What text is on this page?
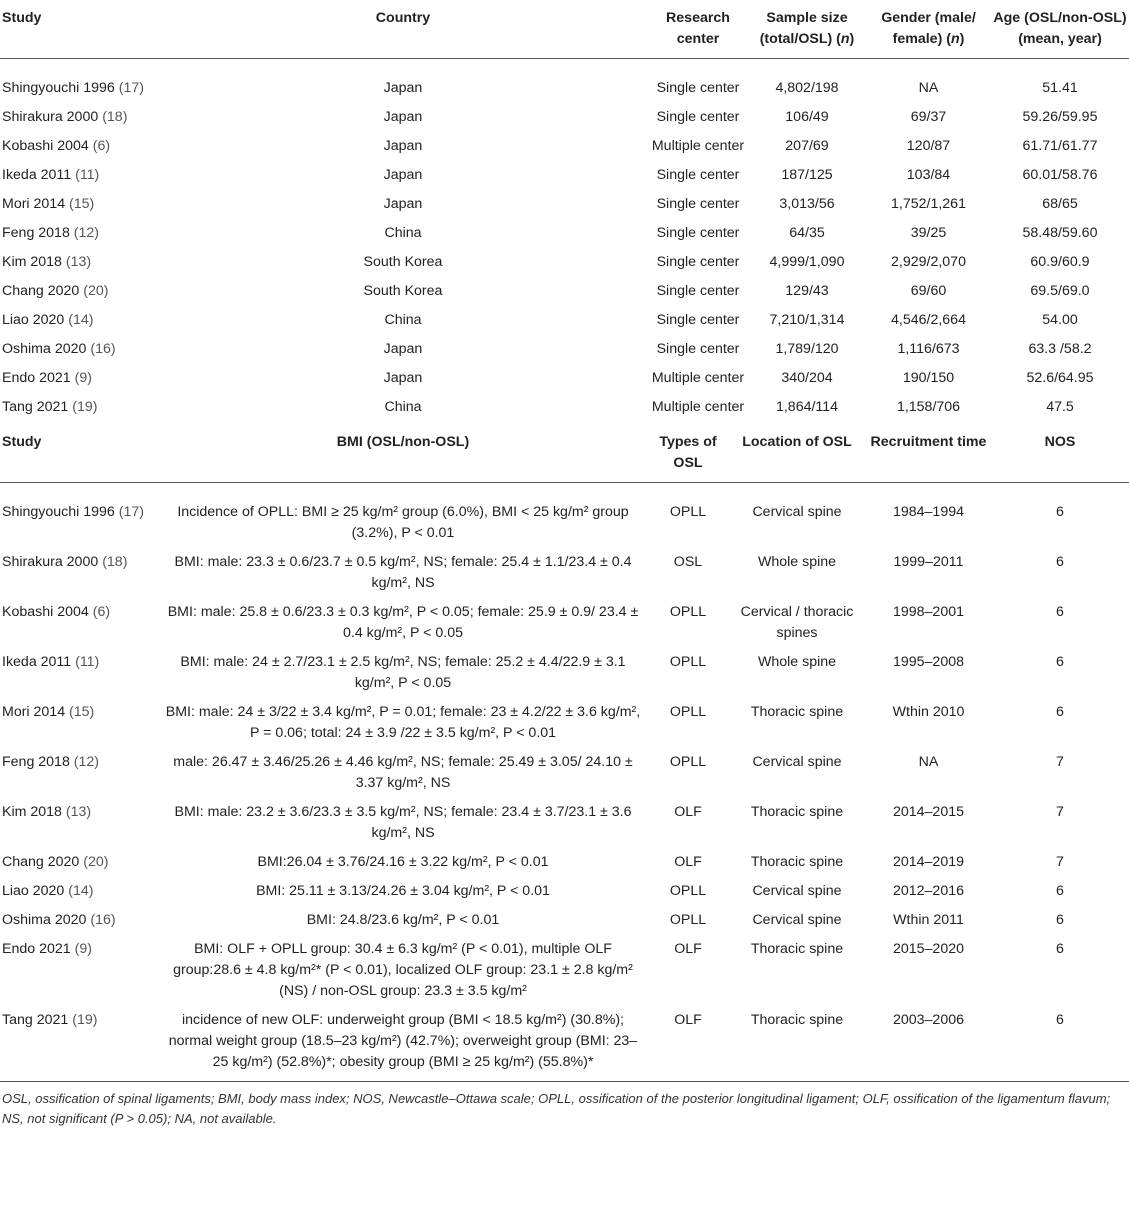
Study	Country	Research center	Sample size (total/OSL) (n)	Gender (male/ female) (n)	Age (OSL/non-OSL)(mean, year)
Shingyouchi 1996 (17)	Japan	Single center	4,802/198	NA	51.41
Shirakura 2000 (18)	Japan	Single center	106/49	69/37	59.26/59.95
Kobashi 2004 (6)	Japan	Multiple center	207/69	120/87	61.71/61.77
Ikeda 2011 (11)	Japan	Single center	187/125	103/84	60.01/58.76
Mori 2014 (15)	Japan	Single center	3,013/56	1,752/1,261	68/65
Feng 2018 (12)	China	Single center	64/35	39/25	58.48/59.60
Kim 2018 (13)	South Korea	Single center	4,999/1,090	2,929/2,070	60.9/60.9
Chang 2020 (20)	South Korea	Single center	129/43	69/60	69.5/69.0
Liao 2020 (14)	China	Single center	7,210/1,314	4,546/2,664	54.00
Oshima 2020 (16)	Japan	Single center	1,789/120	1,116/673	63.3 /58.2
Endo 2021 (9)	Japan	Multiple center	340/204	190/150	52.6/64.95
Tang 2021 (19)	China	Multiple center	1,864/114	1,158/706	47.5
Study	BMI (OSL/non-OSL)	Types of OSL	Location of OSL	Recruitment time	NOS
Shingyouchi 1996 (17)	Incidence of OPLL: BMI ≥ 25 kg/m² group (6.0%), BMI < 25 kg/m² group (3.2%), P < 0.01	OPLL	Cervical spine	1984–1994	6
Shirakura 2000 (18)	BMI: male: 23.3 ± 0.6/23.7 ± 0.5 kg/m², NS; female: 25.4 ± 1.1/23.4 ± 0.4 kg/m², NS	OSL	Whole spine	1999–2011	6
Kobashi 2004 (6)	BMI: male: 25.8 ± 0.6/23.3 ± 0.3 kg/m², P < 0.05; female: 25.9 ± 0.9/ 23.4 ± 0.4 kg/m², P < 0.05	OPLL	Cervical / thoracic spines	1998–2001	6
Ikeda 2011 (11)	BMI: male: 24 ± 2.7/23.1 ± 2.5 kg/m², NS; female: 25.2 ± 4.4/22.9 ± 3.1 kg/m², P < 0.05	OPLL	Whole spine	1995–2008	6
Mori 2014 (15)	BMI: male: 24 ± 3/22 ± 3.4 kg/m², P = 0.01; female: 23 ± 4.2/22 ± 3.6 kg/m², P = 0.06; total: 24 ± 3.9 /22 ± 3.5 kg/m², P < 0.01	OPLL	Thoracic spine	Wthin 2010	6
Feng 2018 (12)	male: 26.47 ± 3.46/25.26 ± 4.46 kg/m², NS; female: 25.49 ± 3.05/ 24.10 ± 3.37 kg/m², NS	OPLL	Cervical spine	NA	7
Kim 2018 (13)	BMI: male: 23.2 ± 3.6/23.3 ± 3.5 kg/m², NS; female: 23.4 ± 3.7/23.1 ± 3.6 kg/m², NS	OLF	Thoracic spine	2014–2015	7
Chang 2020 (20)	BMI:26.04 ± 3.76/24.16 ± 3.22 kg/m², P < 0.01	OLF	Thoracic spine	2014–2019	7
Liao 2020 (14)	BMI: 25.11 ± 3.13/24.26 ± 3.04 kg/m², P < 0.01	OPLL	Cervical spine	2012–2016	6
Oshima 2020 (16)	BMI: 24.8/23.6 kg/m², P < 0.01	OPLL	Cervical spine	Wthin 2011	6
Endo 2021 (9)	BMI: OLF + OPLL group: 30.4 ± 6.3 kg/m² (P < 0.01), multiple OLF group:28.6 ± 4.8 kg/m²* (P < 0.01), localized OLF group: 23.1 ± 2.8 kg/m² (NS) / non-OSL group: 23.3 ± 3.5 kg/m²	OLF	Thoracic spine	2015–2020	6
Tang 2021 (19)	incidence of new OLF: underweight group (BMI < 18.5 kg/m²) (30.8%); normal weight group (18.5–23 kg/m²) (42.7%); overweight group (BMI: 23–25 kg/m²) (52.8%)*; obesity group (BMI ≥ 25 kg/m²) (55.8%)*	OLF	Thoracic spine	2003–2006	6
OSL, ossification of spinal ligaments; BMI, body mass index; NOS, Newcastle–Ottawa scale; OPLL, ossification of the posterior longitudinal ligament; OLF, ossification of the ligamentum flavum; NS, not significant (P > 0.05); NA, not available.
